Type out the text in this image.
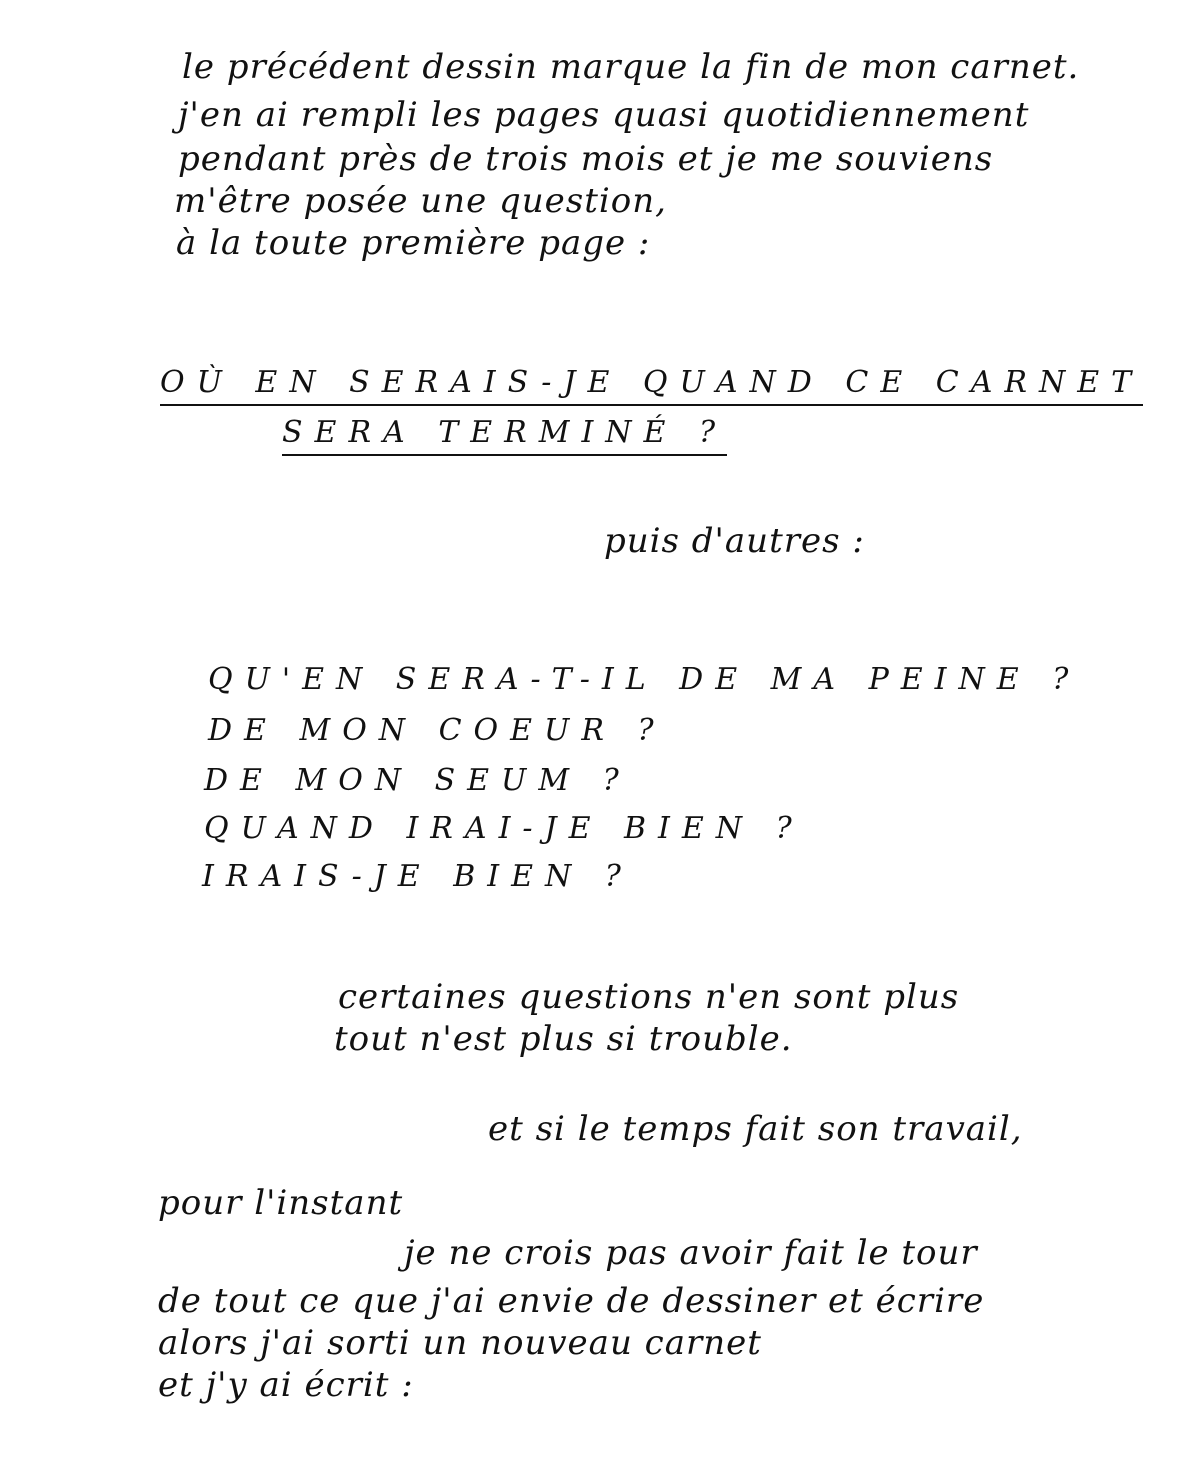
le précédent dessin marque la fin de mon carnet.
j'en ai rempli les pages quasi quotidiennement
pendant près de trois mois et je me souviens
m'être posée une question,
à la toute première page :
OÙ EN SERAIS-JE QUAND CE CARNET
SERA TERMINÉ ?
puis d'autres :
QU'EN SERA-T-IL DE MA PEINE ?
DE MON COEUR ?
DE MON SEUM ?
QUAND IRAI-JE BIEN ?
IRAIS-JE BIEN ?
certaines questions n'en sont plus
tout n'est plus si trouble.
et si le temps fait son travail,
pour l'instant
je ne crois pas avoir fait le tour
de tout ce que j'ai envie de dessiner et écrire
alors j'ai sorti un nouveau carnet
et j'y ai écrit :
